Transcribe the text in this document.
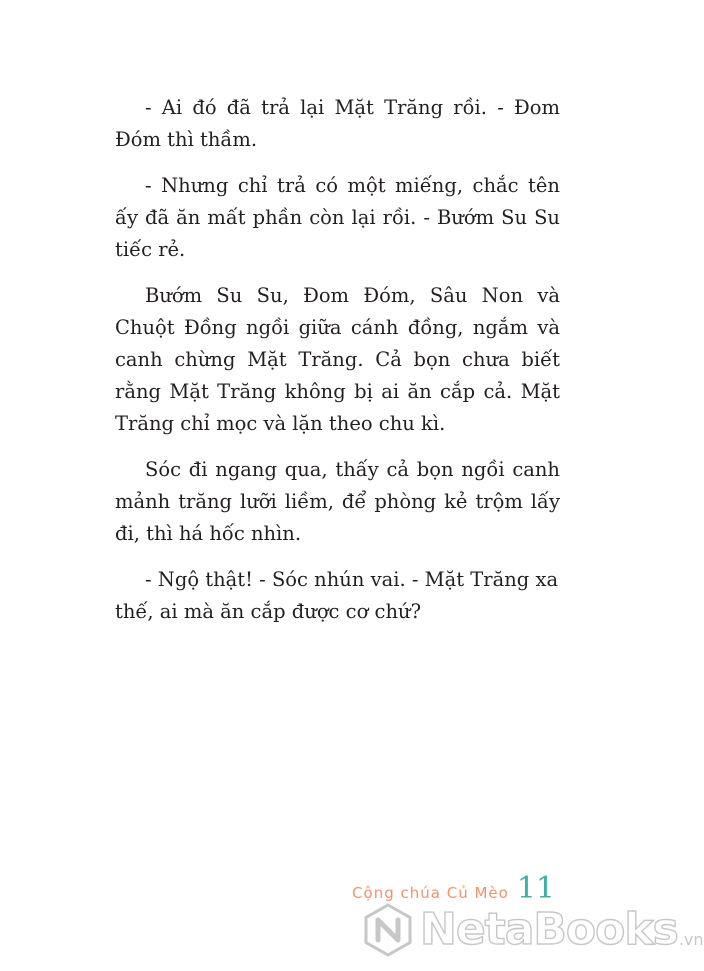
- Ai đó đã trả lại Mặt Trăng rồi. - Đom Đóm thì thầm.

- Nhưng chỉ trả có một miếng, chắc tên ấy đã ăn mất phần còn lại rồi. - Bướm Su Su tiếc rẻ.

Bướm Su Su, Đom Đóm, Sâu Non và Chuột Đồng ngồi giữa cánh đồng, ngắm và canh chừng Mặt Trăng. Cả bọn chưa biết rằng Mặt Trăng không bị ai ăn cắp cả. Mặt Trăng chỉ mọc và lặn theo chu kì.

Sóc đi ngang qua, thấy cả bọn ngồi canh mảnh trăng lưỡi liềm, để phòng kẻ trộm lấy đi, thì há hốc nhìn.

- Ngộ thật! - Sóc nhún vai. - Mặt Trăng xa thế, ai mà ăn cắp được cơ chứ?

Cộng chúa Củ Mèo 11
NetaBooks .vn
